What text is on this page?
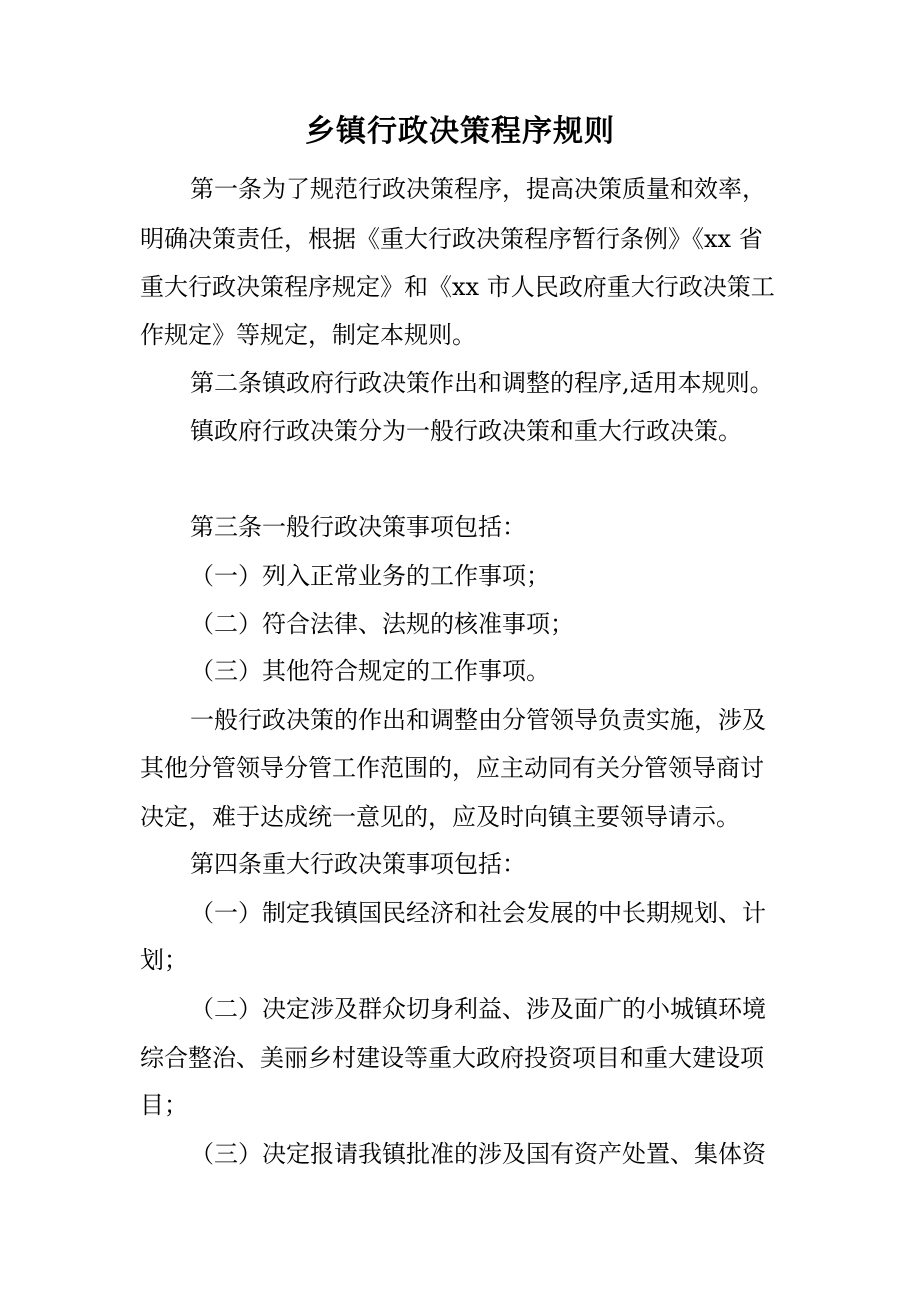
乡镇行政决策程序规则
第一条为了规范行政决策程序，提高决策质量和效率，
明确决策责任，根据《重大行政决策程序暂行条例》《xx 省
重大行政决策程序规定》和《xx 市人民政府重大行政决策工
作规定》等规定，制定本规则。
第二条镇政府行政决策作出和调整的程序,适用本规则。
镇政府行政决策分为一般行政决策和重大行政决策。
第三条一般行政决策事项包括：
（一）列入正常业务的工作事项；
（二）符合法律、法规的核准事项；
（三）其他符合规定的工作事项。
一般行政决策的作出和调整由分管领导负责实施，涉及
其他分管领导分管工作范围的，应主动同有关分管领导商讨
决定，难于达成统一意见的，应及时向镇主要领导请示。
第四条重大行政决策事项包括：
（一）制定我镇国民经济和社会发展的中长期规划、计
划；
（二）决定涉及群众切身利益、涉及面广的小城镇环境
综合整治、美丽乡村建设等重大政府投资项目和重大建设项
目；
（三）决定报请我镇批准的涉及国有资产处置、集体资
